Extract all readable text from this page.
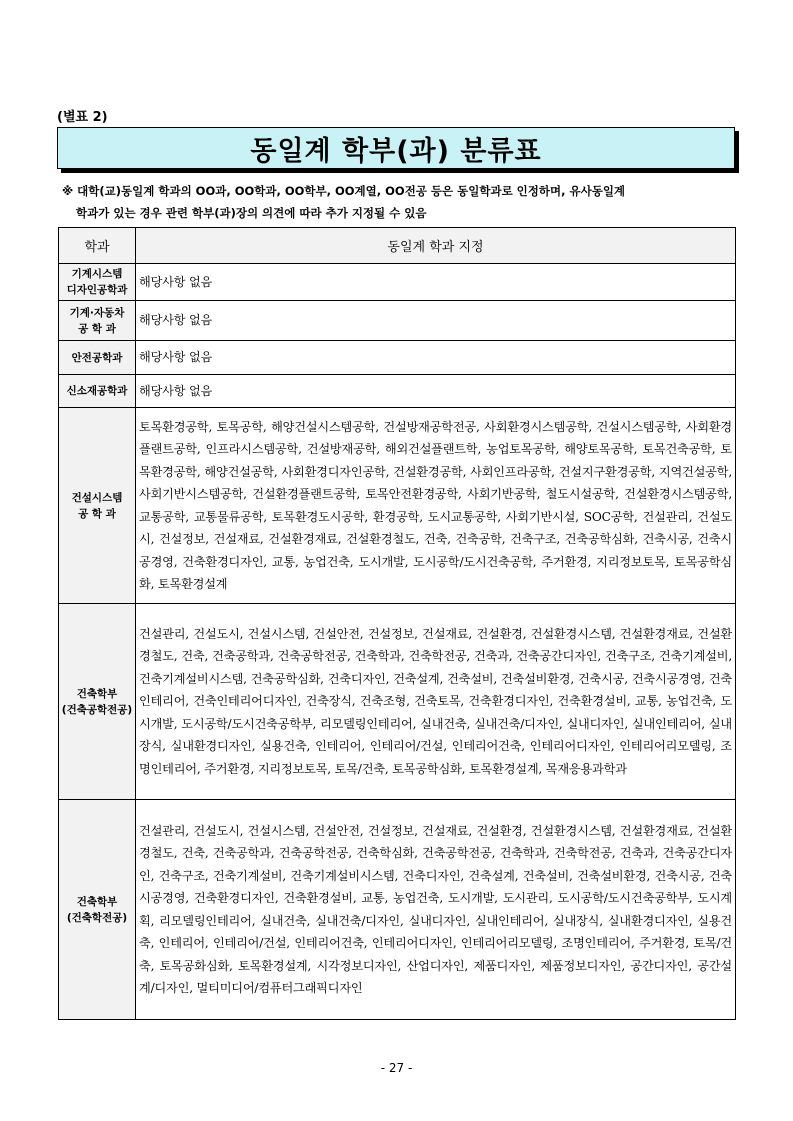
(별표 2)
동일계 학부(과) 분류표
※ 대학(교)동일계 학과의 OO과, OO학과, OO학부, OO계열, OO전공 등은 동일학과로 인정하며, 유사동일계
학과가 있는 경우 관련 학부(과)장의 의견에 따라 추가 지정될 수 있음
학과	동일계 학과 지정

기계시스템
디자인공학과	해당사항 없음

기계·자동차
공 학 과	해당사항 없음

안전공학과	해당사항 없음

신소재공학과	해당사항 없음

건설시스템
공 학 과	토목환경공학, 토목공학, 해양건설시스템공학, 건설방재공학전공, 사회환경시스템공학, 건설시스템공학, 사회환경플랜트공학, 인프라시스템공학, 건설방재공학, 해외건설플랜트학, 농업토목공학, 해양토목공학, 토목건축공학, 토목환경공학, 해양건설공학, 사회환경디자인공학, 건설환경공학, 사회인프라공학, 건설지구환경공학, 지역건설공학, 사회기반시스템공학, 건설환경플랜트공학, 토목안전환경공학, 사회기반공학, 철도시설공학, 건설환경시스템공학, 교통공학, 교통물류공학, 토목환경도시공학, 환경공학, 도시교통공학, 사회기반시설, SOC공학, 건설관리, 건설도시, 건설정보, 건설재료, 건설환경재료, 건설환경철도, 건축, 건축공학, 건축구조, 건축공학심화, 건축시공, 건축시공경영, 건축환경디자인, 교통, 농업건축, 도시개발, 도시공학/도시건축공학, 주거환경, 지리정보토목, 토목공학심화, 토목환경설계

건축학부
(건축공학전공)	건설관리, 건설도시, 건설시스템, 건설안전, 건설정보, 건설재료, 건설환경, 건설환경시스템, 건설환경재료, 건설환경철도, 건축, 건축공학과, 건축공학전공, 건축학과, 건축학전공, 건축과, 건축공간디자인, 건축구조, 건축기계설비, 건축기계설비시스템, 건축공학심화, 건축디자인, 건축설계, 건축설비, 건축설비환경, 건축시공, 건축시공경영, 건축인테리어, 건축인테리어디자인, 건축장식, 건축조형, 건축토목, 건축환경디자인, 건축환경설비, 교통, 농업건축, 도시개발, 도시공학/도시건축공학부, 리모델링인테리어, 실내건축, 실내건축/디자인, 실내디자인, 실내인테리어, 실내장식, 실내환경디자인, 실용건축, 인테리어, 인테리어/건설, 인테리어건축, 인테리어디자인, 인테리어리모델링, 조명인테리어, 주거환경, 지리정보토목, 토목/건축, 토목공학심화, 토목환경설계, 목재응용과학과

건축학부
(건축학전공)	건설관리, 건설도시, 건설시스템, 건설안전, 건설정보, 건설재료, 건설환경, 건설환경시스템, 건설환경재료, 건설환경철도, 건축, 건축공학과, 건축공학전공, 건축학심화, 건축공학전공, 건축학과, 건축학전공, 건축과, 건축공간디자인, 건축구조, 건축기계설비, 건축기계설비시스템, 건축디자인, 건축설계, 건축설비, 건축설비환경, 건축시공, 건축시공경영, 건축환경디자인, 건축환경설비, 교통, 농업건축, 도시개발, 도시관리, 도시공학/도시건축공학부, 도시계획, 리모델링인테리어, 실내건축, 실내건축/디자인, 실내디자인, 실내인테리어, 실내장식, 실내환경디자인, 실용건축, 인테리어, 인테리어/건설, 인테리어건축, 인테리어디자인, 인테리어리모델링, 조명인테리어, 주거환경, 토목/건축, 토목공화심화, 토목환경설계, 시각정보디자인, 산업디자인, 제품디자인, 제품정보디자인, 공간디자인, 공간설계/디자인, 멀티미디어/컴퓨터그래픽디자인
- 27 -
